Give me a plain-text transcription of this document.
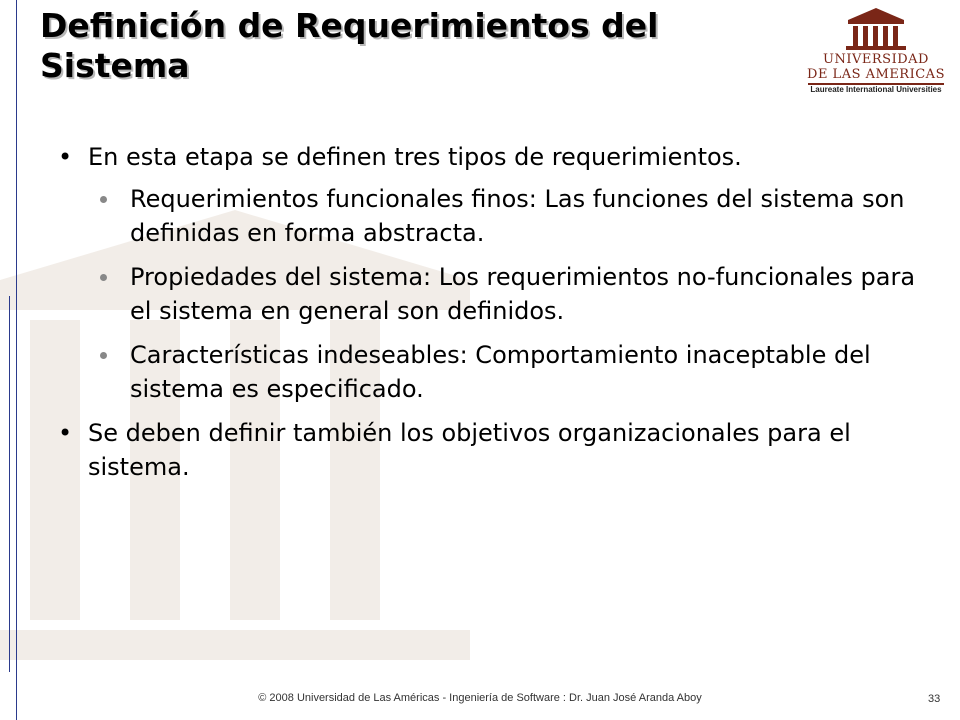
Definición de Requerimientos del
Sistema	UNIVERSIDAD
DE LAS AMERICAS
Laureate International Universities
• En esta etapa se definen tres tipos de requerimientos.
Requerimientos funcionales finos: Las funciones del sistema son definidas en forma abstracta.
Propiedades del sistema: Los requerimientos no-funcionales para el sistema en general son definidos.
Características indeseables: Comportamiento inaceptable del sistema es especificado.
• Se deben definir también los objetivos organizacionales para el sistema.
© 2008 Universidad de Las Américas - Ingeniería de Software : Dr. Juan José Aranda Aboy	33
